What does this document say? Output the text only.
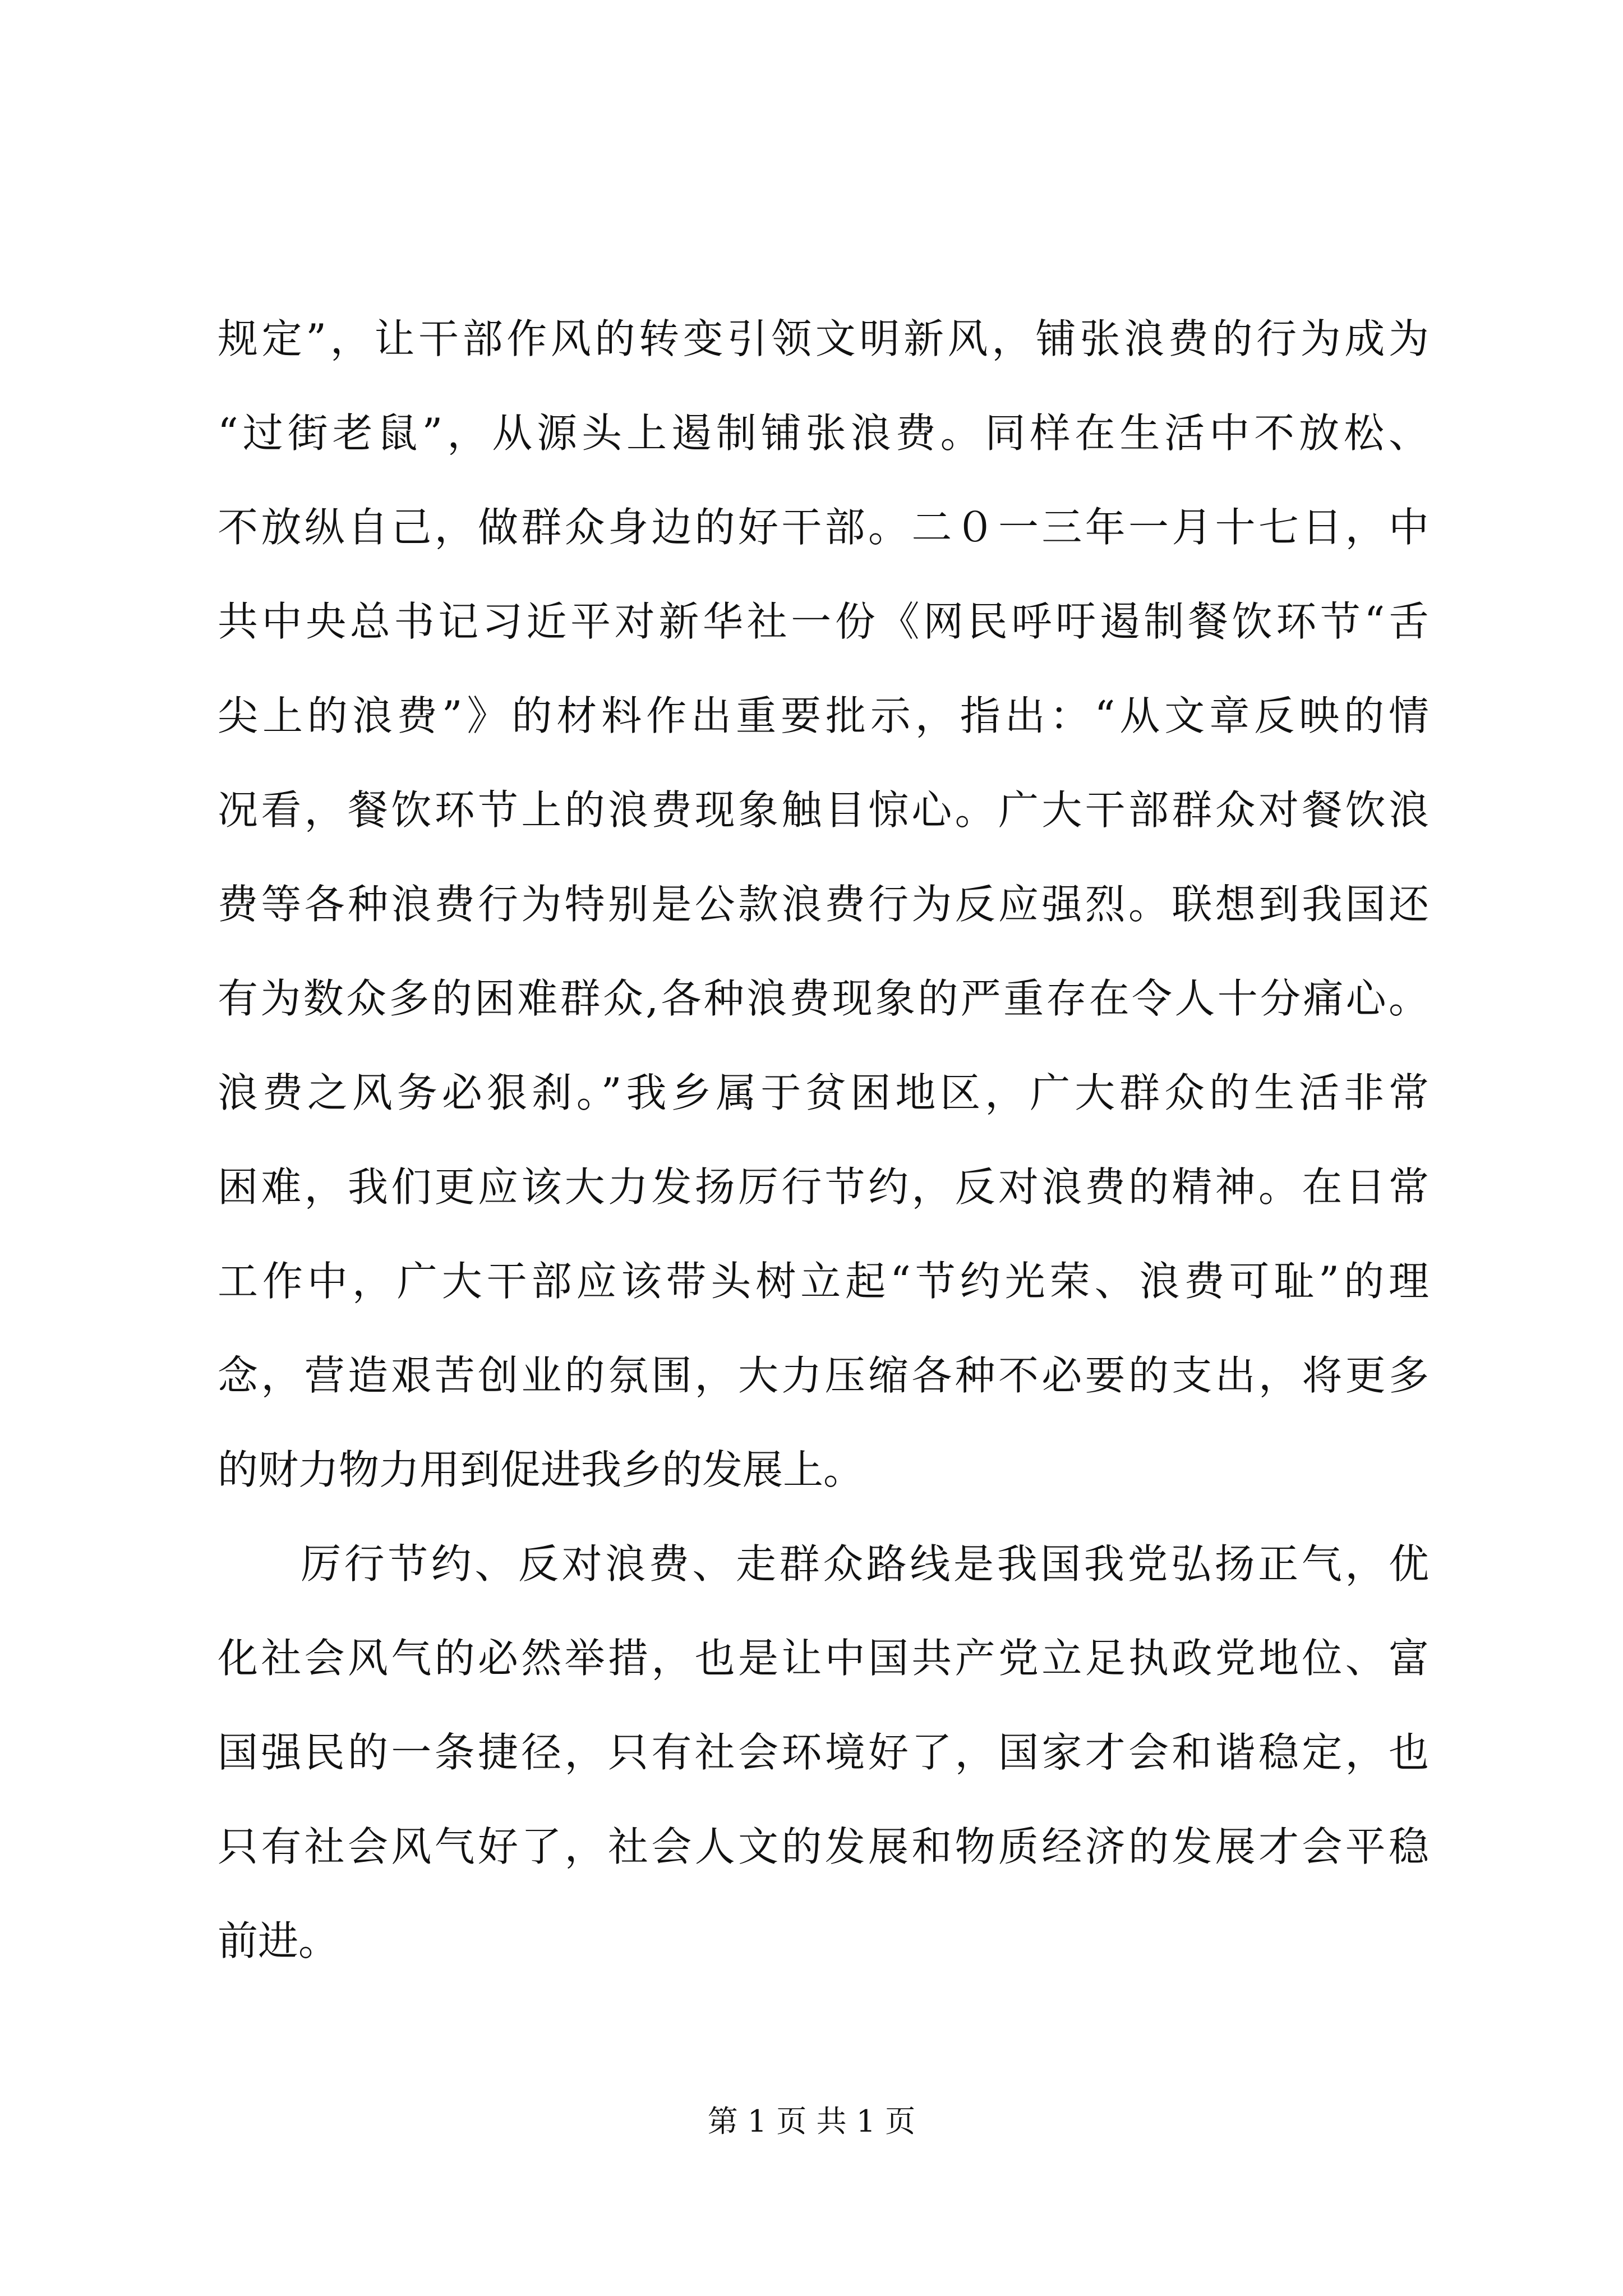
规定”，让干部作风的转变引领文明新风，铺张浪费的行为成为
“过街老鼠”，从源头上遏制铺张浪费。同样在生活中不放松、
不放纵自己，做群众身边的好干部。二０一三年一月十七日，中
共中央总书记习近平对新华社一份《网民呼吁遏制餐饮环节“舌
尖上的浪费”》的材料作出重要批示，指出：“从文章反映的情
况看，餐饮环节上的浪费现象触目惊心。广大干部群众对餐饮浪
费等各种浪费行为特别是公款浪费行为反应强烈。联想到我国还
有为数众多的困难群众,各种浪费现象的严重存在令人十分痛心。
浪费之风务必狠刹。”我乡属于贫困地区，广大群众的生活非常
困难，我们更应该大力发扬厉行节约，反对浪费的精神。在日常
工作中，广大干部应该带头树立起“节约光荣、浪费可耻”的理
念，营造艰苦创业的氛围，大力压缩各种不必要的支出，将更多
的财力物力用到促进我乡的发展上。
厉行节约、反对浪费、走群众路线是我国我党弘扬正气，优
化社会风气的必然举措，也是让中国共产党立足执政党地位、富
国强民的一条捷径，只有社会环境好了，国家才会和谐稳定，也
只有社会风气好了，社会人文的发展和物质经济的发展才会平稳
前进。
第 1 页 共 1 页
